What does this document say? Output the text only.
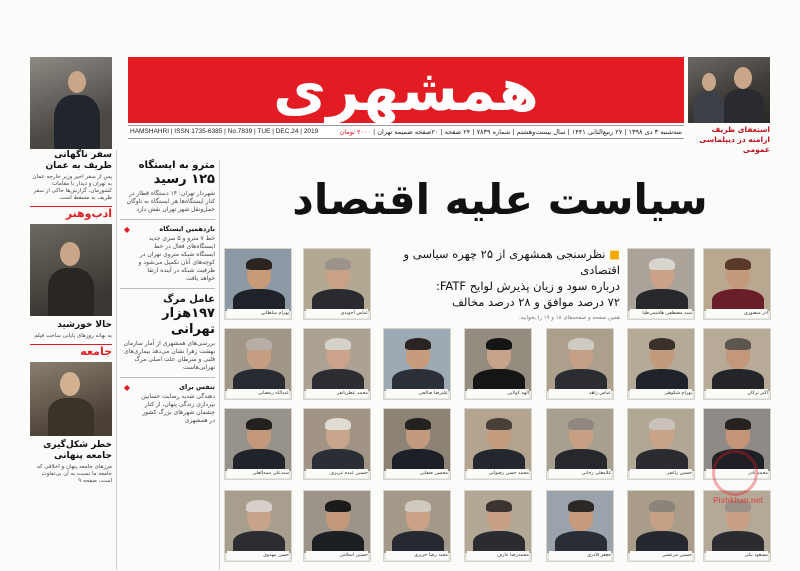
همشهری
سه‌شنبه ۳ دی ۱۳۹۸ | ۲۷ ربیع‌الثانی ۱۴۴۱ | سال بیست‌وهشتم | شماره ۷۸۳۹ | ۲۴ صفحه | ۲۰صفحه ضمیمه تهران | ۲۰۰۰ تومان
HAMSHAHRI | ISSN 1735-6385 | No.7839 | TUE | DEC.24 | 2019	استعفای ظریف ارامنه در دیپلماسی عمومی
سفر ناگهانی ظریف به عمان
پس از سفر اخیر وزیر خارجه عمان به تهران و دیدار با مقامات کشورمان، گزارش‌ها حاکی از سفر ظریف به مسقط است.
ادب‌وهنر
حالا خورشید
به بهانه روزهای پایانی ساخت فیلم
جامعه
خطر شکل‌گیری جامعه پنهانی
مرزهای جامعه پنهان و اخلاقی که جامعه ما نسبت به آن بی‌تفاوت است، صفحه ۹
مترو به ایستگاه
۱۲۵ رسید
شهردار تهران: ۱۴ دستگاه قطار در کنار ایستگاه‌ها هر ایستگاه به ناوگان حمل‌ونقل شهر تهران نقش دارد
بازدهمین ایستگاه
خط ۷ مترو و ۵ سری جدید ایستگاه‌های فعال در خط ایستگاه شبکه متروی تهران در کوچه‌های آنان تکمیل می‌شود و ظرفیت شبکه در آینده ارتقا خواهد یافت
◆
عامل مرگ
۱۹۷هزار تهرانی
بررسی‌های همشهری از آمار سازمان بهشت زهرا نشان می‌دهد بیماری‌های قلبی و سرطان علت اصلی مرگ تهرانی‌هاست
تنفس برای
دهندگی شدید رضایت حسابین بپردازی زندگی پنهان، از کنار چشمان شهرهای بزرگ کشور در همشهری
◆
سیاست علیه اقتصاد
■ نظرسنجی همشهری از ۲۵ چهره سیاسی و اقتصادی
درباره سود و زیان پذیرش لوایح FATF:
۷۲ درصد موافق و ۲۸ درصد مخالف
همین صفحه و صفحه‌های ۱۸ و ۱۹ را بخوانید.
آذر منصوری
سید مصطفی هاشمی‌طبا
بهرام سلطانی	عباس آخوندی
اکبر ترکان
بهرام شکوهی
عباس زاهد
الهه کولایی
علیرضا صالحی
محمد عطریانفر
عبدالله رمضانی
محمد نادر
حسین راغفر
غلامعلی رجایی
محمد حسن رضوانی
محسن صفایی
حسین عبده تبریزی
سیدعلی سیدالعلی
مسعود نیلی
حسین مرعشی
جعفر قادری
محمدرضا عارف
مجید رضا حریری
حسین اسلامی
حسن مهدوی
Pishkhan.net
